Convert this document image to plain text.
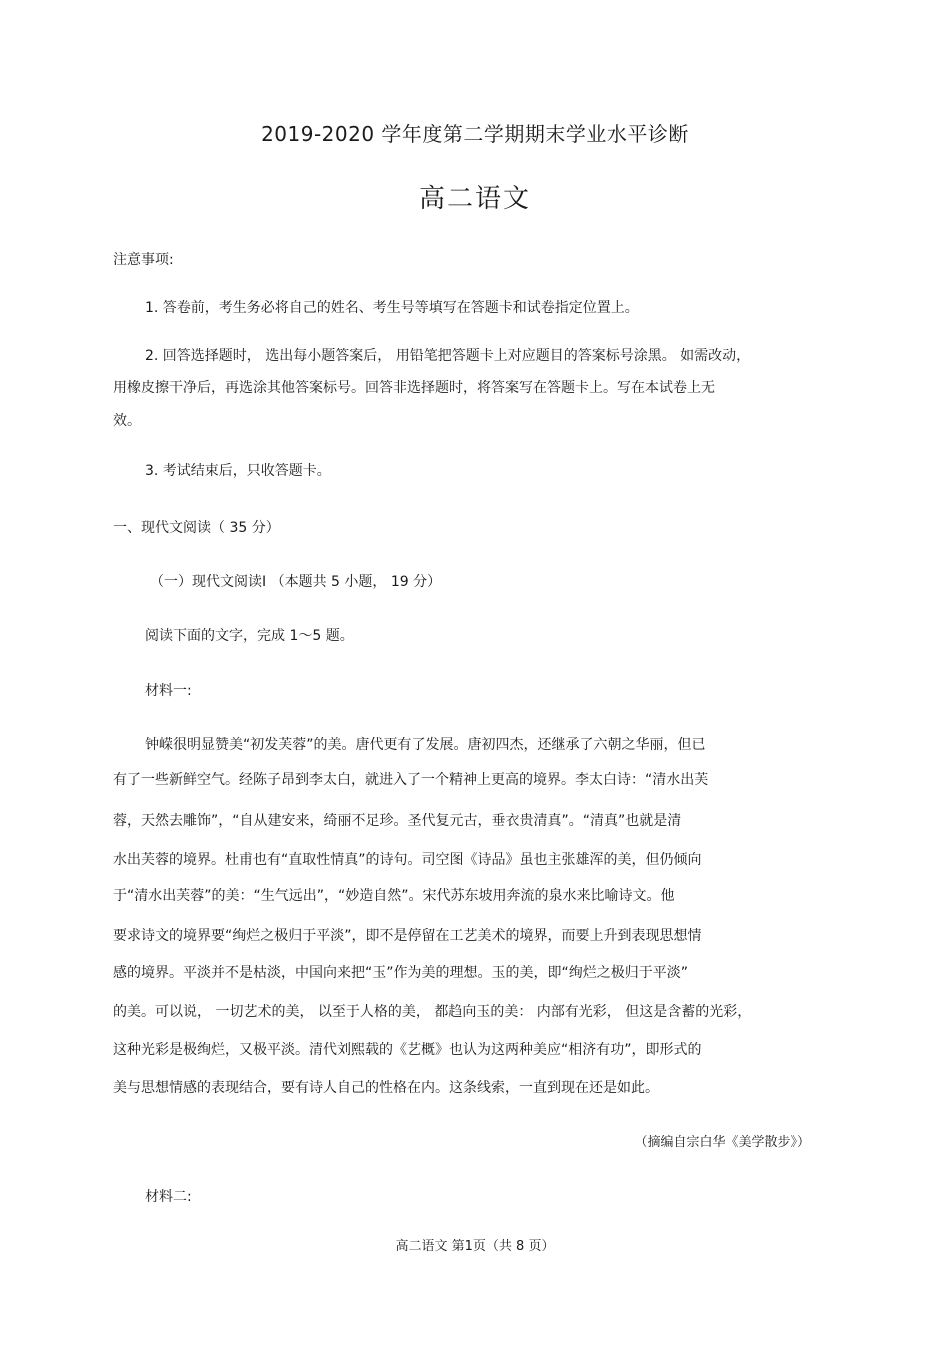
2019-2020 学年度第二学期期末学业水平诊断
高二语文
注意事项:
1. 答卷前，考生务必将自己的姓名、考生号等填写在答题卡和试卷指定位置上。
2. 回答选择题时， 选出每小题答案后， 用铅笔把答题卡上对应题目的答案标号涂黑。 如需改动，
用橡皮擦干净后，再选涂其他答案标号。回答非选择题时，将答案写在答题卡上。写在本试卷上无
效。
3. 考试结束后，只收答题卡。
一、现代文阅读（ 35 分）
（一）现代文阅读Ⅰ （本题共 5 小题， 19 分）
阅读下面的文字，完成 1～5 题。
材料一:
钟嵘很明显赞美“初发芙蓉”的美。唐代更有了发展。唐初四杰，还继承了六朝之华丽，但已
有了一些新鲜空气。经陈子昂到李太白，就进入了一个精神上更高的境界。李太白诗：“清水出芙
蓉，天然去雕饰”，“自从建安来，绮丽不足珍。圣代复元古，垂衣贵清真”。“清真”也就是清
水出芙蓉的境界。杜甫也有“直取性情真”的诗句。司空图《诗品》虽也主张雄浑的美，但仍倾向
于“清水出芙蓉”的美：“生气远出”，“妙造自然”。宋代苏东坡用奔流的泉水来比喻诗文。他
要求诗文的境界要“绚烂之极归于平淡”，即不是停留在工艺美术的境界，而要上升到表现思想情
感的境界。平淡并不是枯淡，中国向来把“玉”作为美的理想。玉的美，即“绚烂之极归于平淡”
的美。可以说， 一切艺术的美， 以至于人格的美， 都趋向玉的美： 内部有光彩， 但这是含蓄的光彩，
这种光彩是极绚烂，又极平淡。清代刘熙载的《艺概》也认为这两种美应“相济有功”，即形式的
美与思想情感的表现结合，要有诗人自己的性格在内。这条线索，一直到现在还是如此。
（摘编自宗白华《美学散步》）
材料二:
高二语文 第1页（共 8 页）
